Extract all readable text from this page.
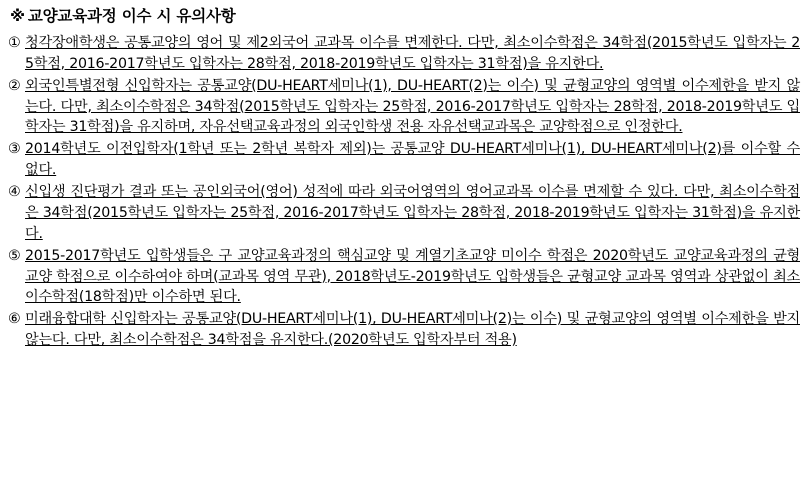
※ 교양교육과정 이수 시 유의사항
① 청각장애학생은 공통교양의 영어 및 제2외국어 교과목 이수를 면제한다. 다만, 최소이수학점은 34학점(2015학년도 입학자는 25학점, 2016-2017학년도 입학자는 28학점, 2018-2019학년도 입학자는 31학점)을 유지한다.
② 외국인특별전형 신입학자는 공통교양(DU-HEART세미나(1), DU-HEART(2)는 이수) 및 균형교양의 영역별 이수제한을 받지 않는다. 다만, 최소이수학점은 34학점(2015학년도 입학자는 25학점, 2016-2017학년도 입학자는 28학점, 2018-2019학년도 입학자는 31학점)을 유지하며, 자유선택교육과정의 외국인학생 전용 자유선택교과목은 교양학점으로 인정한다.
③ 2014학년도 이전입학자(1학년 또는 2학년 복학자 제외)는 공통교양 DU-HEART세미나(1), DU-HEART세미나(2)를 이수할 수 없다.
④ 신입생 진단평가 결과 또는 공인외국어(영어) 성적에 따라 외국어영역의 영어교과목 이수를 면제할 수 있다. 다만, 최소이수학점은 34학점(2015학년도 입학자는 25학점, 2016-2017학년도 입학자는 28학점, 2018-2019학년도 입학자는 31학점)을 유지한다.
⑤ 2015-2017학년도 입학생들은 구 교양교육과정의 핵심교양 및 계열기초교양 미이수 학점은 2020학년도 교양교육과정의 균형교양 학점으로 이수하여야 하며(교과목 영역 무관), 2018학년도-2019학년도 입학생들은 균형교양 교과목 영역과 상관없이 최소이수학점(18학점)만 이수하면 된다.
⑥ 미래융합대학 신입학자는 공통교양(DU-HEART세미나(1), DU-HEART세미나(2)는 이수) 및 균형교양의 영역별 이수제한을 받지 않는다. 다만, 최소이수학점은 34학점을 유지한다.(2020학년도 입학자부터 적용)
